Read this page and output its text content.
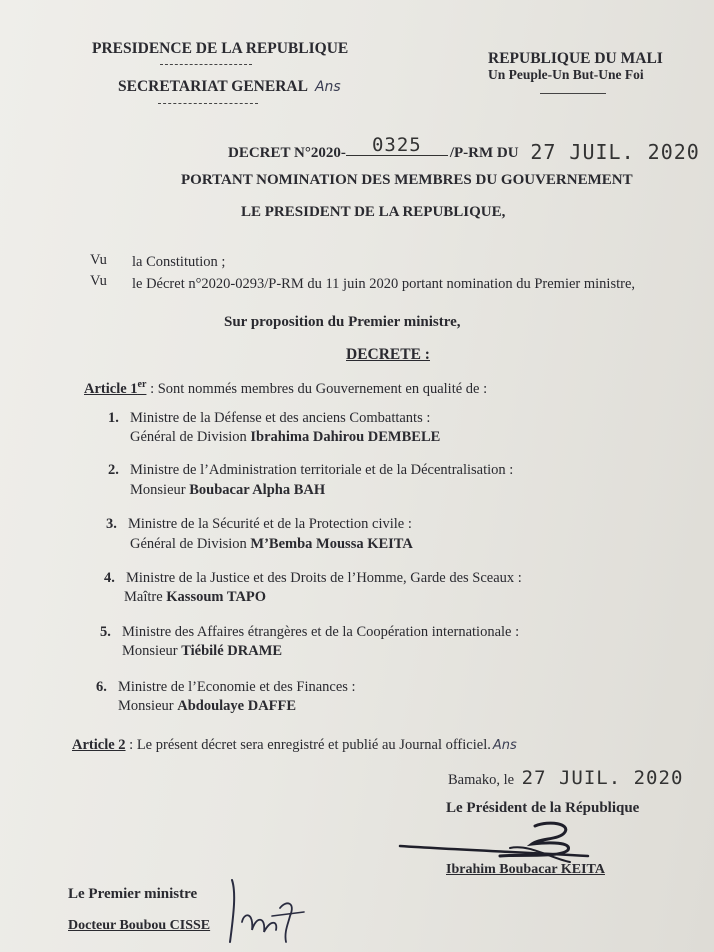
PRESIDENCE DE LA REPUBLIQUE
SECRETARIAT GENERAL Ans
REPUBLIQUE DU MALI
Un Peuple-Un But-Une Foi
DECRET N°2020- 0325 /P-RM DU 27 JUIL. 2020
PORTANT NOMINATION DES MEMBRES DU GOUVERNEMENT
LE PRESIDENT DE LA REPUBLIQUE,
Vu la Constitution ;
Vu le Décret n°2020-0293/P-RM du 11 juin 2020 portant nomination du Premier ministre,
Sur proposition du Premier ministre,
DECRETE :
Article 1er : Sont nommés membres du Gouvernement en qualité de :
1. Ministre de la Défense et des anciens Combattants :
Général de Division Ibrahima Dahirou DEMBELE
2. Ministre de l’Administration territoriale et de la Décentralisation :
Monsieur Boubacar Alpha BAH
3. Ministre de la Sécurité et de la Protection civile :
Général de Division M’Bemba Moussa KEITA
4. Ministre de la Justice et des Droits de l’Homme, Garde des Sceaux :
Maître Kassoum TAPO
5. Ministre des Affaires étrangères et de la Coopération internationale :
Monsieur Tiébilé DRAME
6. Ministre de l’Economie et des Finances :
Monsieur Abdoulaye DAFFE
Article 2 : Le présent décret sera enregistré et publié au Journal officiel. Ans
Bamako, le 27 JUIL. 2020
Le Président de la République
Ibrahim Boubacar KEITA
Le Premier ministre
Docteur Boubou CISSE
